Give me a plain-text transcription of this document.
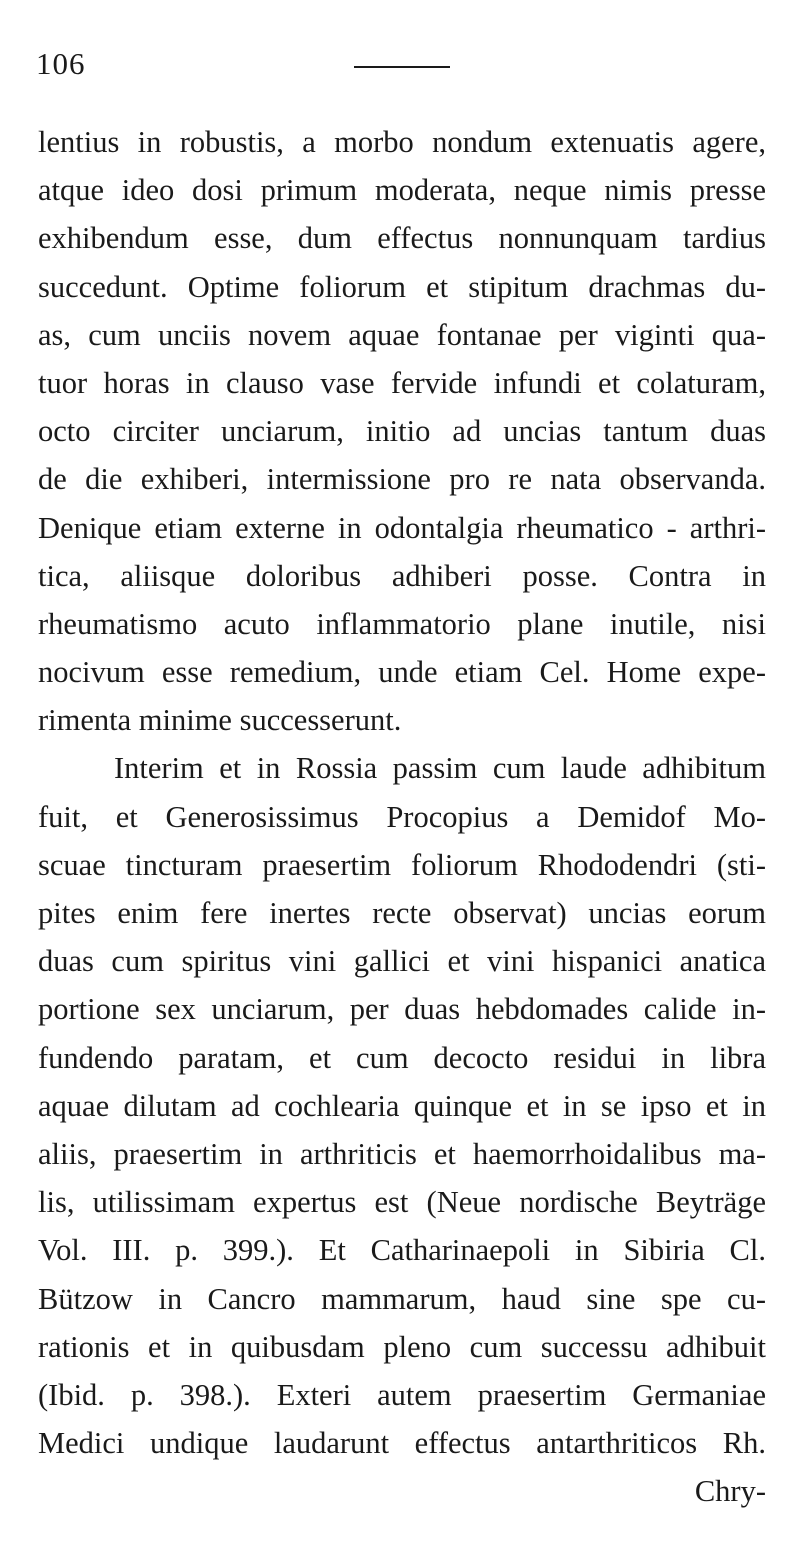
106
lentius in robustis, a morbo nondum extenuatis agere,
atque ideo dosi primum moderata, neque nimis presse
exhibendum esse, dum effectus nonnunquam tardius
succedunt. Optime foliorum et stipitum drachmas du-
as, cum unciis novem aquae fontanae per viginti qua-
tuor horas in clauso vase fervide infundi et colaturam,
octo circiter unciarum, initio ad uncias tantum duas
de die exhiberi, intermissione pro re nata observanda.
Denique etiam externe in odontalgia rheumatico - arthri-
tica, aliisque doloribus adhiberi posse. Contra in
rheumatismo acuto inflammatorio plane inutile, nisi
nocivum esse remedium, unde etiam Cel. Home expe-
rimenta minime successerunt.
Interim et in Rossia passim cum laude adhibitum
fuit, et Generosissimus Procopius a Demidof Mo-
scuae tincturam praesertim foliorum Rhododendri (sti-
pites enim fere inertes recte observat) uncias eorum
duas cum spiritus vini gallici et vini hispanici anatica
portione sex unciarum, per duas hebdomades calide in-
fundendo paratam, et cum decocto residui in libra
aquae dilutam ad cochlearia quinque et in se ipso et in
aliis, praesertim in arthriticis et haemorrhoidalibus ma-
lis, utilissimam expertus est (Neue nordische Beyträge
Vol. III. p. 399.). Et Catharinaepoli in Sibiria Cl.
Bützow in Cancro mammarum, haud sine spe cu-
rationis et in quibusdam pleno cum successu adhibuit
(Ibid. p. 398.). Exteri autem praesertim Germaniae
Medici undique laudarunt effectus antarthriticos Rh.
Chry-
